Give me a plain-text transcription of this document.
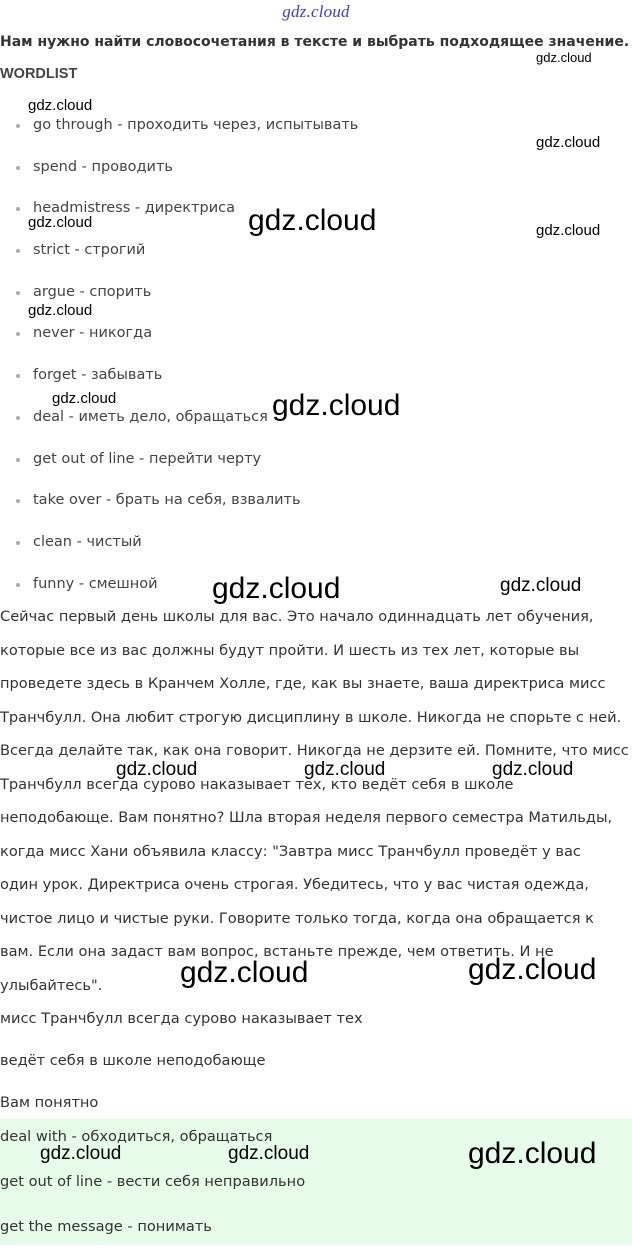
gdz.cloud
Нам нужно найти словосочетания в тексте и выбрать подходящее значение.
WORDLIST
go through - проходить через, испытывать
spend - проводить
headmistress - директриса
strict - строгий
argue - спорить
never - никогда
forget - забывать
deal - иметь дело, обращаться
get out of line - перейти черту
take over - брать на себя, взвалить
clean - чистый
funny - смешной
Сейчас первый день школы для вас. Это начало одиннадцать лет обучения,
которые все из вас должны будут пройти. И шесть из тех лет, которые вы
проведете здесь в Кранчем Холле, где, как вы знаете, ваша директриса мисс
Транчбулл. Она любит строгую дисциплину в школе. Никогда не спорьте с ней.
Всегда делайте так, как она говорит. Никогда не дерзите ей. Помните, что мисс
Транчбулл всегда сурово наказывает тех, кто ведёт себя в школе
неподобающе. Вам понятно? Шла вторая неделя первого семестра Матильды,
когда мисс Хани объявила классу: "Завтра мисс Транчбулл проведёт у вас
один урок. Директриса очень строгая. Убедитесь, что у вас чистая одежда,
чистое лицо и чистые руки. Говорите только тогда, когда она обращается к
вам. Если она задаст вам вопрос, встаньте прежде, чем ответить. И не
улыбайтесь".
мисс Транчбулл всегда сурово наказывает тех
ведёт себя в школе неподобающе
Вам понятно
deal with - обходиться, обращаться
get out of line - вести себя неправильно
get the message - понимать
gdz.cloud
gdz.cloud
gdz.cloud
gdz.cloud	gdz.cloud	gdz.cloud
gdz.cloud
gdz.cloud	gdz.cloud
gdz.cloud	gdz.cloud
gdz.cloud	gdz.cloud	gdz.cloud
gdz.cloud	gdz.cloud
gdz.cloud	gdz.cloud	gdz.cloud
